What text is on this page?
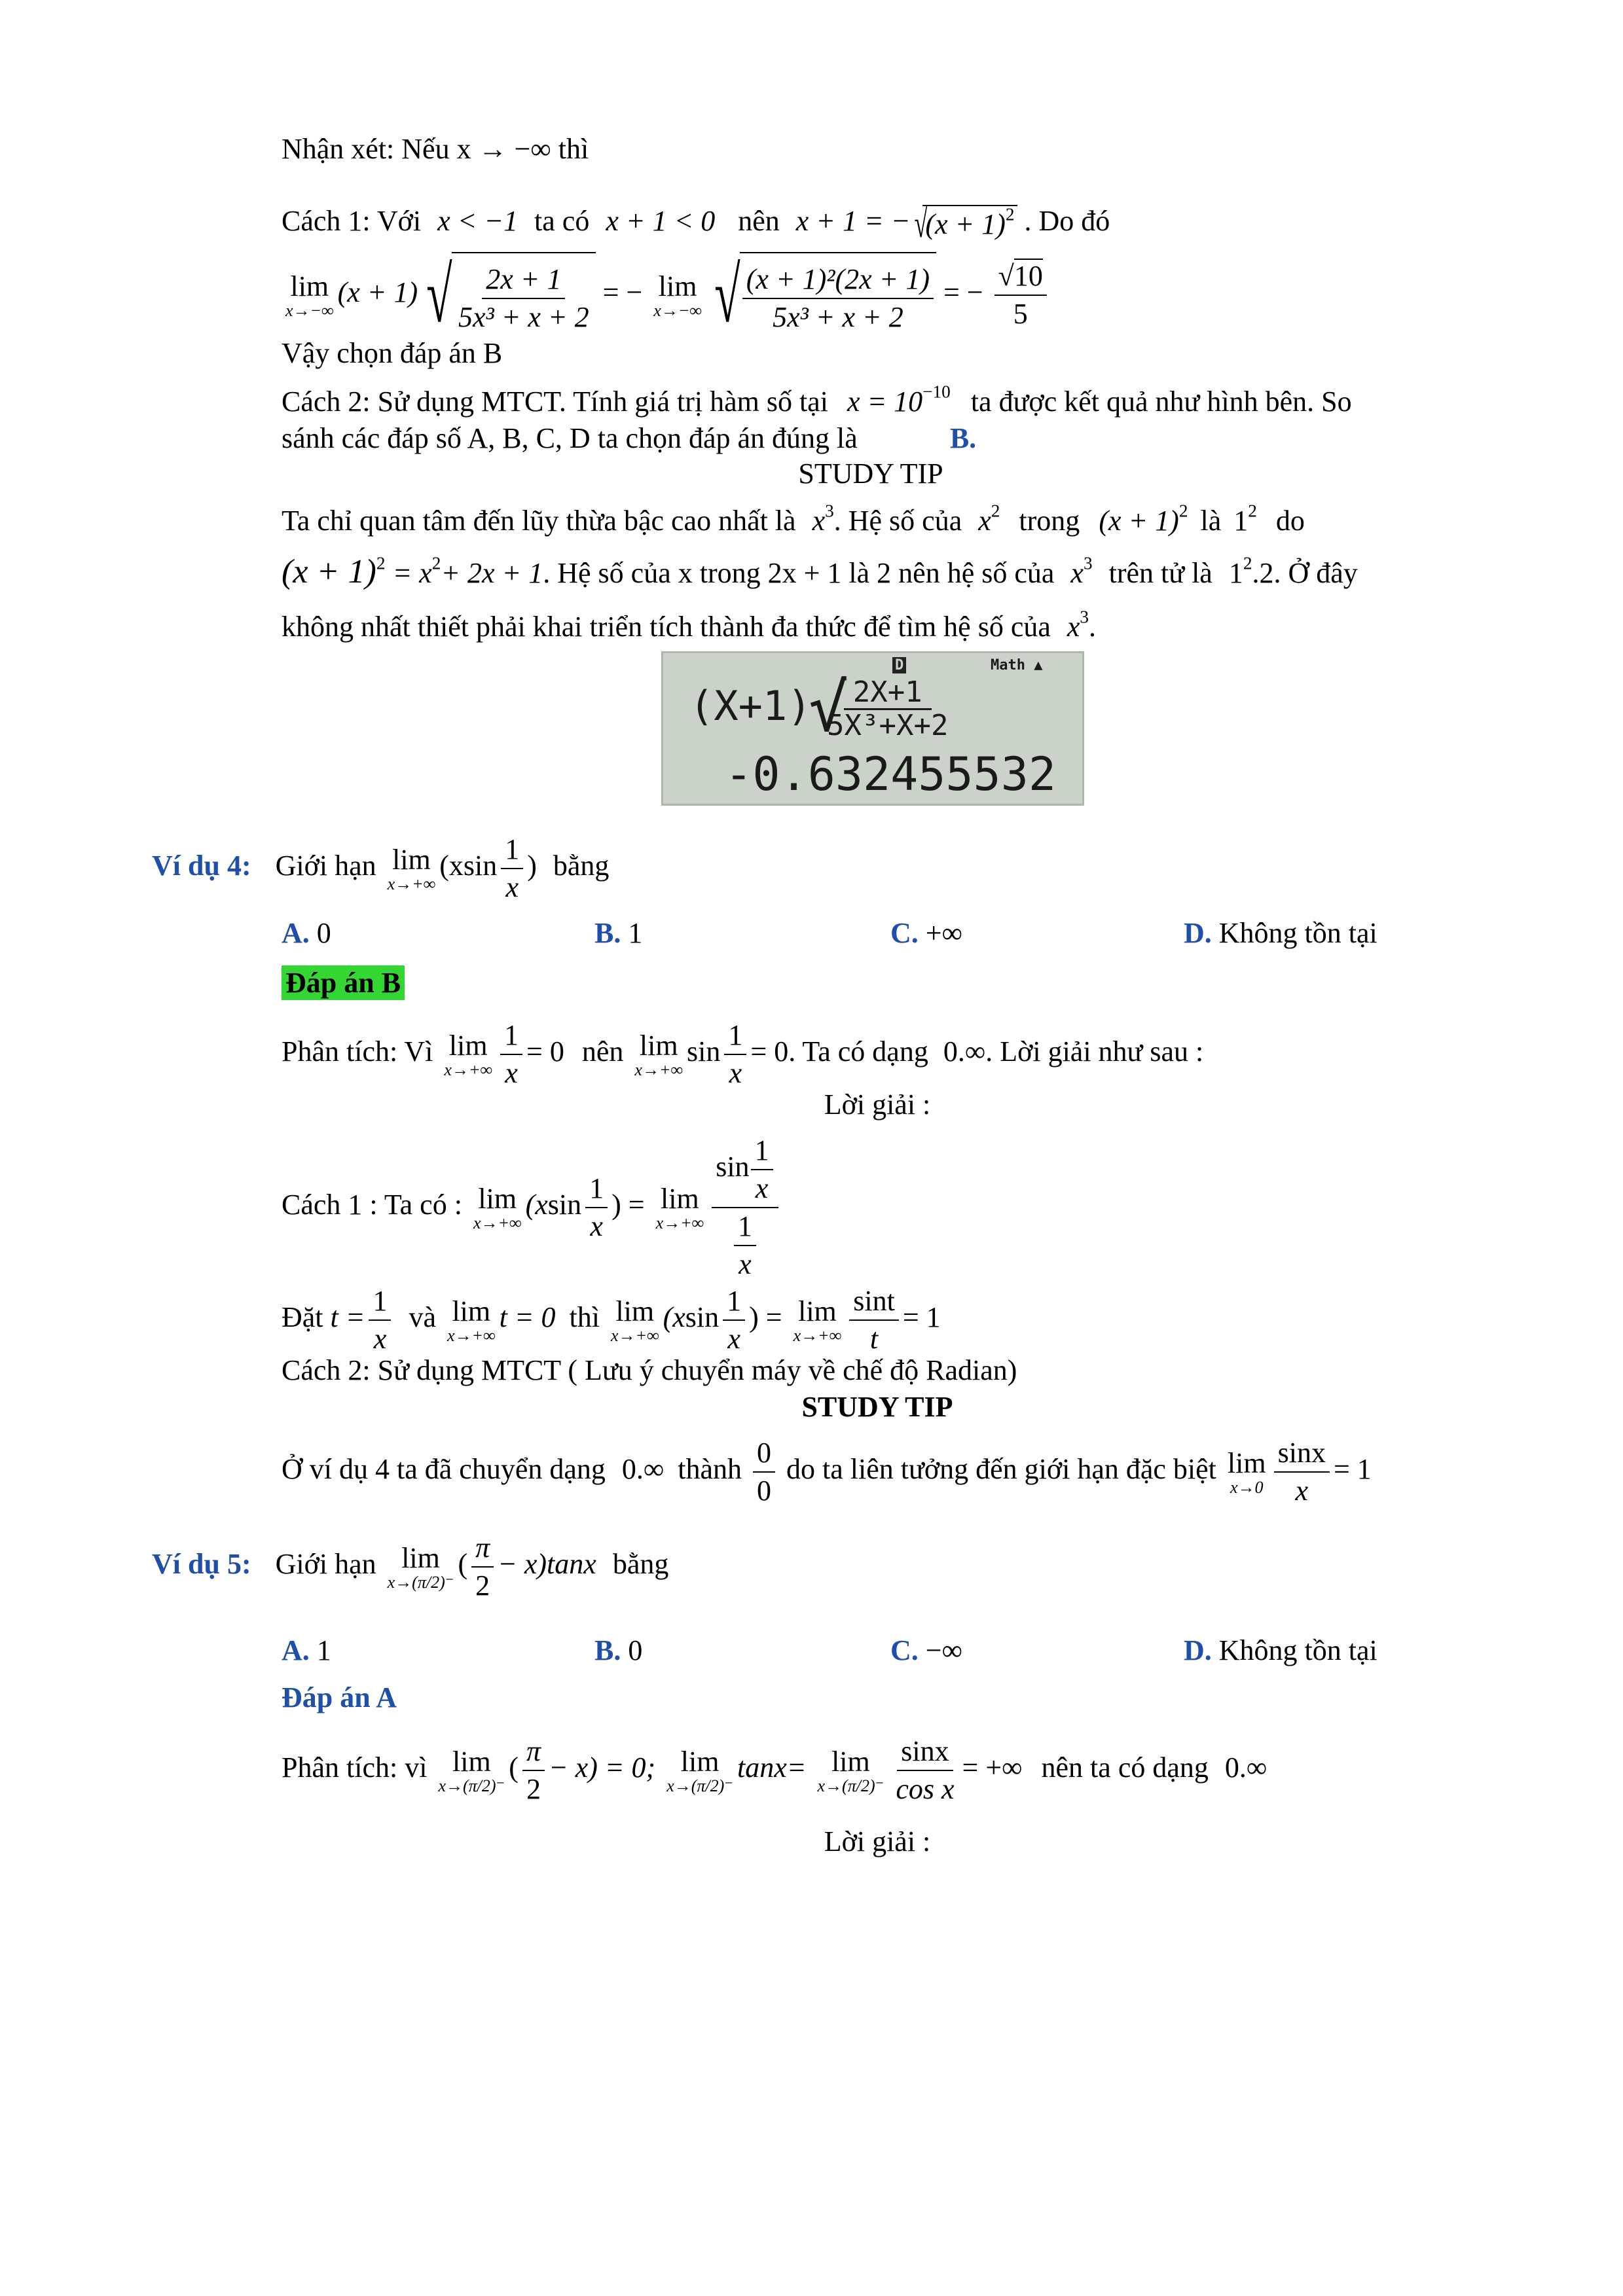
Nhận xét: Nếu x → −∞ thì
Cách 1: Với x < −1 ta có x + 1 < 0 nên x + 1 = − √
$(x + 1)^2$ . Do đó
lim
x→−∞
(x + 1) √ $\frac{2x + 1}{\text{5x³ + x + 2}}$ = − lim
x→−∞ √ $\frac{\text{(x + 1)²(2x + 1)}}{\text{5x³ + x + 2}}$ = − $\frac{√10}{5}$
Vậy chọn đáp án B
Cách 2: Sử dụng MTCT. Tính giá trị hàm số tại $x = 10^{-10}$ ta được kết quả như hình bên. So
sánh các đáp số A, B, C, D ta chọn đáp án đúng là	B.
STUDY TIP
Ta chỉ quan tâm đến lũy thừa bậc cao nhất là $x^3$. Hệ số của $x^2$ trong $(x + 1)^2$ là $1^2$ do
$(x + 1)^2 = x^2+ 2x + 1$. Hệ số của x trong 2x + 1 là 2 nên hệ số của $x^3$ trên tử là $1^2.2$. Ở đây
không nhất thiết phải khai triển tích thành đa thức để tìm hệ số của $x^3$.
D	Math ▲
(X+1)
√ 2X+1
5X³+X+2
-0.632455532
Ví dụ 4: Giới hạn lim
x→+∞
($xsin \frac{1}{x}$ ) bằng
A. 0	B. 1	C. +∞	D. Không tồn tại
Đáp án B
Phân tích: Vì lim
$x\to+\infty \frac{1}{x} = 0$ nên lim
x→+∞
$\sin \frac{1}{x} = 0$. Ta có dạng 0.∞. Lời giải như sau :
Lời giải :
Cách 1 : Ta có : lim
x→+∞
($xsin \frac{1}{x}$ ) = lim
$x\to+\infty \frac{\sin \frac{1}{x}}{\frac{1}{x}}$
Đặt $t = \frac{1}{x}$ và lim
x→+∞
t = 0 thì lim
x→+∞
($xsin \frac{1}{x}$ ) = lim
$x\to+\infty \frac{\sin t}{t} = 1$
Cách 2: Sử dụng MTCT ( Lưu ý chuyển máy về chế độ Radian)
STUDY TIP
Ở ví dụ 4 ta đã chuyển dạng 0.∞ thành $\frac{0}{0}$ do ta liên tưởng đến giới hạn đặc biệt lim
$x\to 0 \frac{\sin x}{x} = 1$
Ví dụ 5: Giới hạn lim
x→(π/2)⁻
( $\frac{\pi}{2} - x)\tan x$ bằng
A. 1	B. 0	C. −∞	D. Không tồn tại
Đáp án A
Phân tích: vì lim
x→(π/2)⁻
( $\frac{\pi}{2} - x) = 0$; lim
x→(π/2)⁻
tanx= lim
$x\to(\pi/2)^- \frac{\sin x}{\text{cos x}}$ = +∞ nên ta có dạng 0.∞
Lời giải :
